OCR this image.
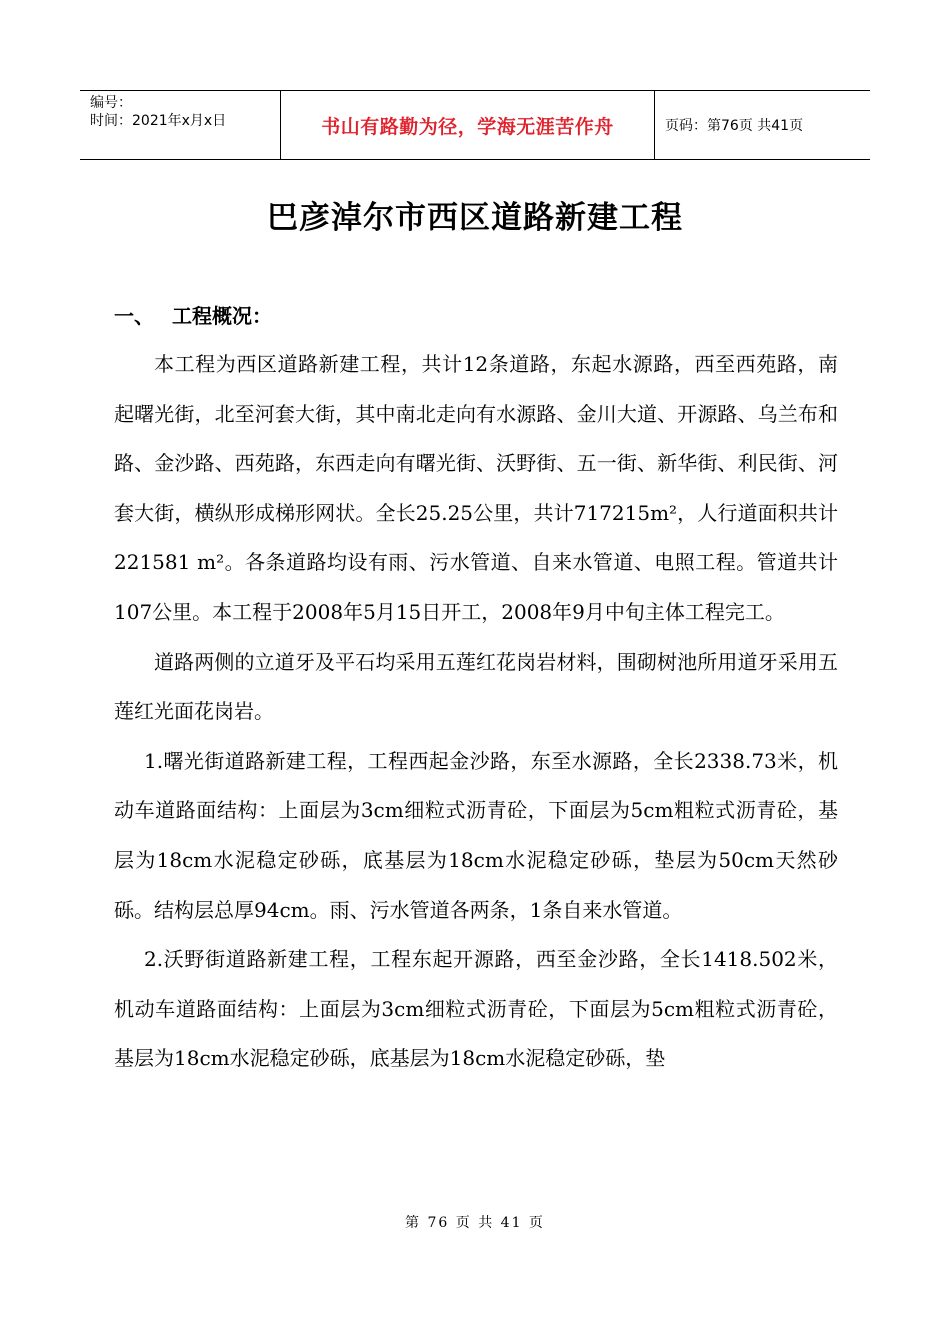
编号：
时间：2021年x月x日	书山有路勤为径，学海无涯苦作舟	页码：第76页 共41页
巴彦淖尔市西区道路新建工程
一、 工程概况：

本工程为西区道路新建工程，共计12条道路，东起水源路，西至西苑路，南起曙光街，北至河套大街，其中南北走向有水源路、金川大道、开源路、乌兰布和路、金沙路、西苑路，东西走向有曙光街、沃野街、五一街、新华街、利民街、河套大街，横纵形成梯形网状。全长25.25公里，共计717215m²，人行道面积共计221581 m²。各条道路均设有雨、污水管道、自来水管道、电照工程。管道共计107公里。本工程于2008年5月15日开工，2008年9月中旬主体工程完工。

道路两侧的立道牙及平石均采用五莲红花岗岩材料，围砌树池所用道牙采用五莲红光面花岗岩。

1.曙光街道路新建工程，工程西起金沙路，东至水源路，全长2338.73米，机动车道路面结构：上面层为3cm细粒式沥青砼，下面层为5cm粗粒式沥青砼，基层为18cm水泥稳定砂砾，底基层为18cm水泥稳定砂砾，垫层为50cm天然砂砾。结构层总厚94cm。雨、污水管道各两条，1条自来水管道。

2.沃野街道路新建工程，工程东起开源路，西至金沙路，全长1418.502米，机动车道路面结构：上面层为3cm细粒式沥青砼，下面层为5cm粗粒式沥青砼，基层为18cm水泥稳定砂砾，底基层为18cm水泥稳定砂砾，垫

第 76 页 共 41 页
